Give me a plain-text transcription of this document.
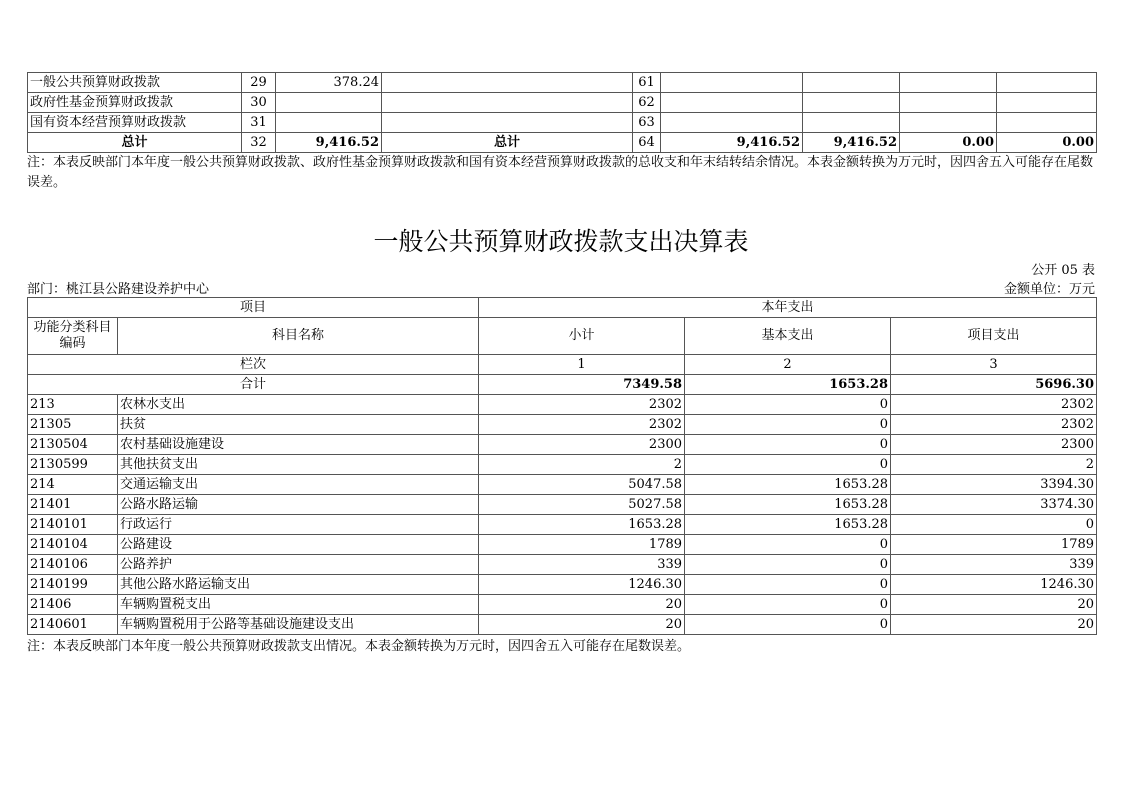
一般公共预算财政拨款	29	378.24		61				
政府性基金预算财政拨款	30			62				
国有资本经营预算财政拨款	31			63				
总计	32	9,416.52	总计	64	9,416.52	9,416.52	0.00	0.00
注：本表反映部门本年度一般公共预算财政拨款、政府性基金预算财政拨款和国有资本经营预算财政拨款的总收支和年末结转结余情况。本表金额转换为万元时，因四舍五入可能存在尾数误差。
一般公共预算财政拨款支出决算表
公开 05 表
部门：桃江县公路建设养护中心	金额单位：万元
项目		本年支出		
功能分类科目编码	科目名称	小计	基本支出	项目支出
栏次		1	2	3
合计		7349.58	1653.28	5696.30
213	农林水支出	2302	0	2302
21305	扶贫	2302	0	2302
2130504	农村基础设施建设	2300	0	2300
2130599	其他扶贫支出	2	0	2
214	交通运输支出	5047.58	1653.28	3394.30
21401	公路水路运输	5027.58	1653.28	3374.30
2140101	行政运行	1653.28	1653.28	0
2140104	公路建设	1789	0	1789
2140106	公路养护	339	0	339
2140199	其他公路水路运输支出	1246.30	0	1246.30
21406	车辆购置税支出	20	0	20
2140601	车辆购置税用于公路等基础设施建设支出	20	0	20
注：本表反映部门本年度一般公共预算财政拨款支出情况。本表金额转换为万元时，因四舍五入可能存在尾数误差。
